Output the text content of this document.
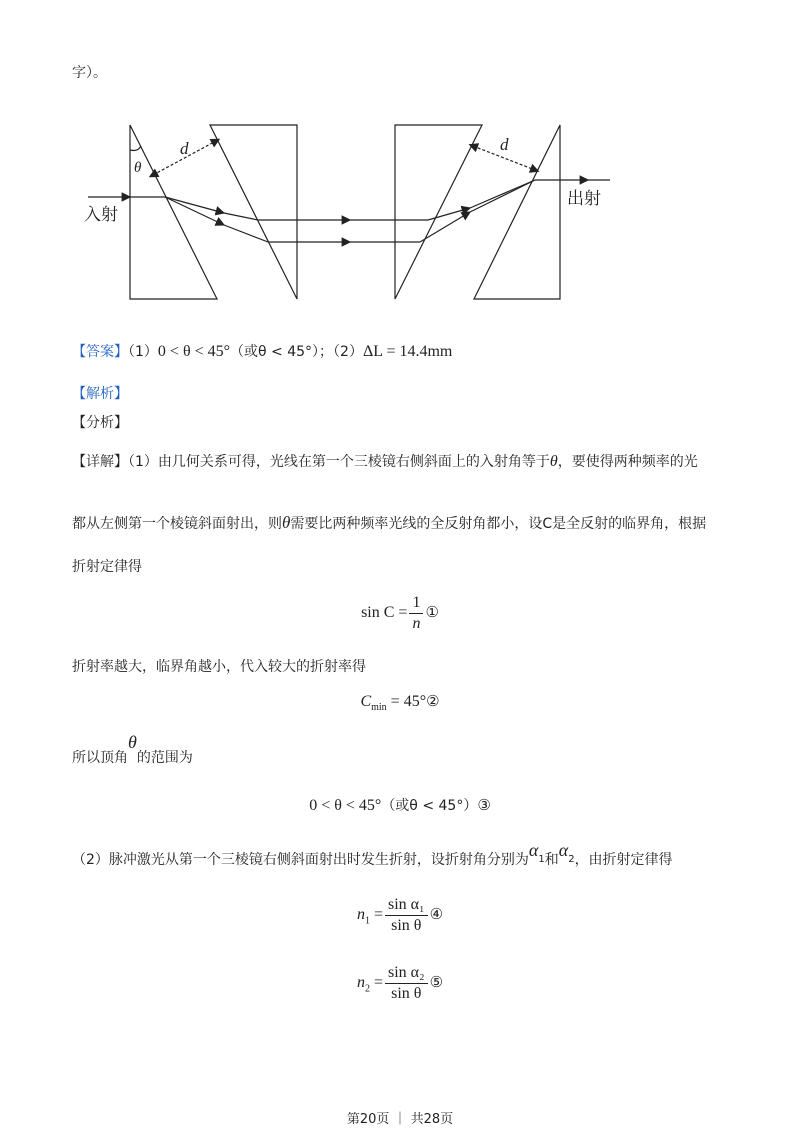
字）。
d	d
θ
入射
出射
【答案】（1）0 < θ < 45°（或θ < 45°）；（2）ΔL = 14.4mm
【解析】
【分析】
【详解】（1）由几何关系可得，光线在第一个三棱镜右侧斜面上的入射角等于θ，要使得两种频率的光
都从左侧第一个棱镜斜面射出，则θ需要比两种频率光线的全反射角都小，设C是全反射的临界角，根据
折射定律得
$\sin C = \frac{1}{n}$ ①
折射率越大，临界角越小，代入较大的折射率得
$C_{min}$ = 45°②
所以顶角θ的范围为
0 < θ < 45°（或θ < 45°）③
（2）脉冲激光从第一个三棱镜右侧斜面射出时发生折射，设折射角分别为$\alpha_1$和$\alpha_2$，由折射定律得
$n_1 = \frac{\text{sin α₁}}{\text{sin θ}}$ ④
$n_2 = \frac{\text{sin α₂}}{\text{sin θ}}$ ⑤
第20页 ｜ 共28页
